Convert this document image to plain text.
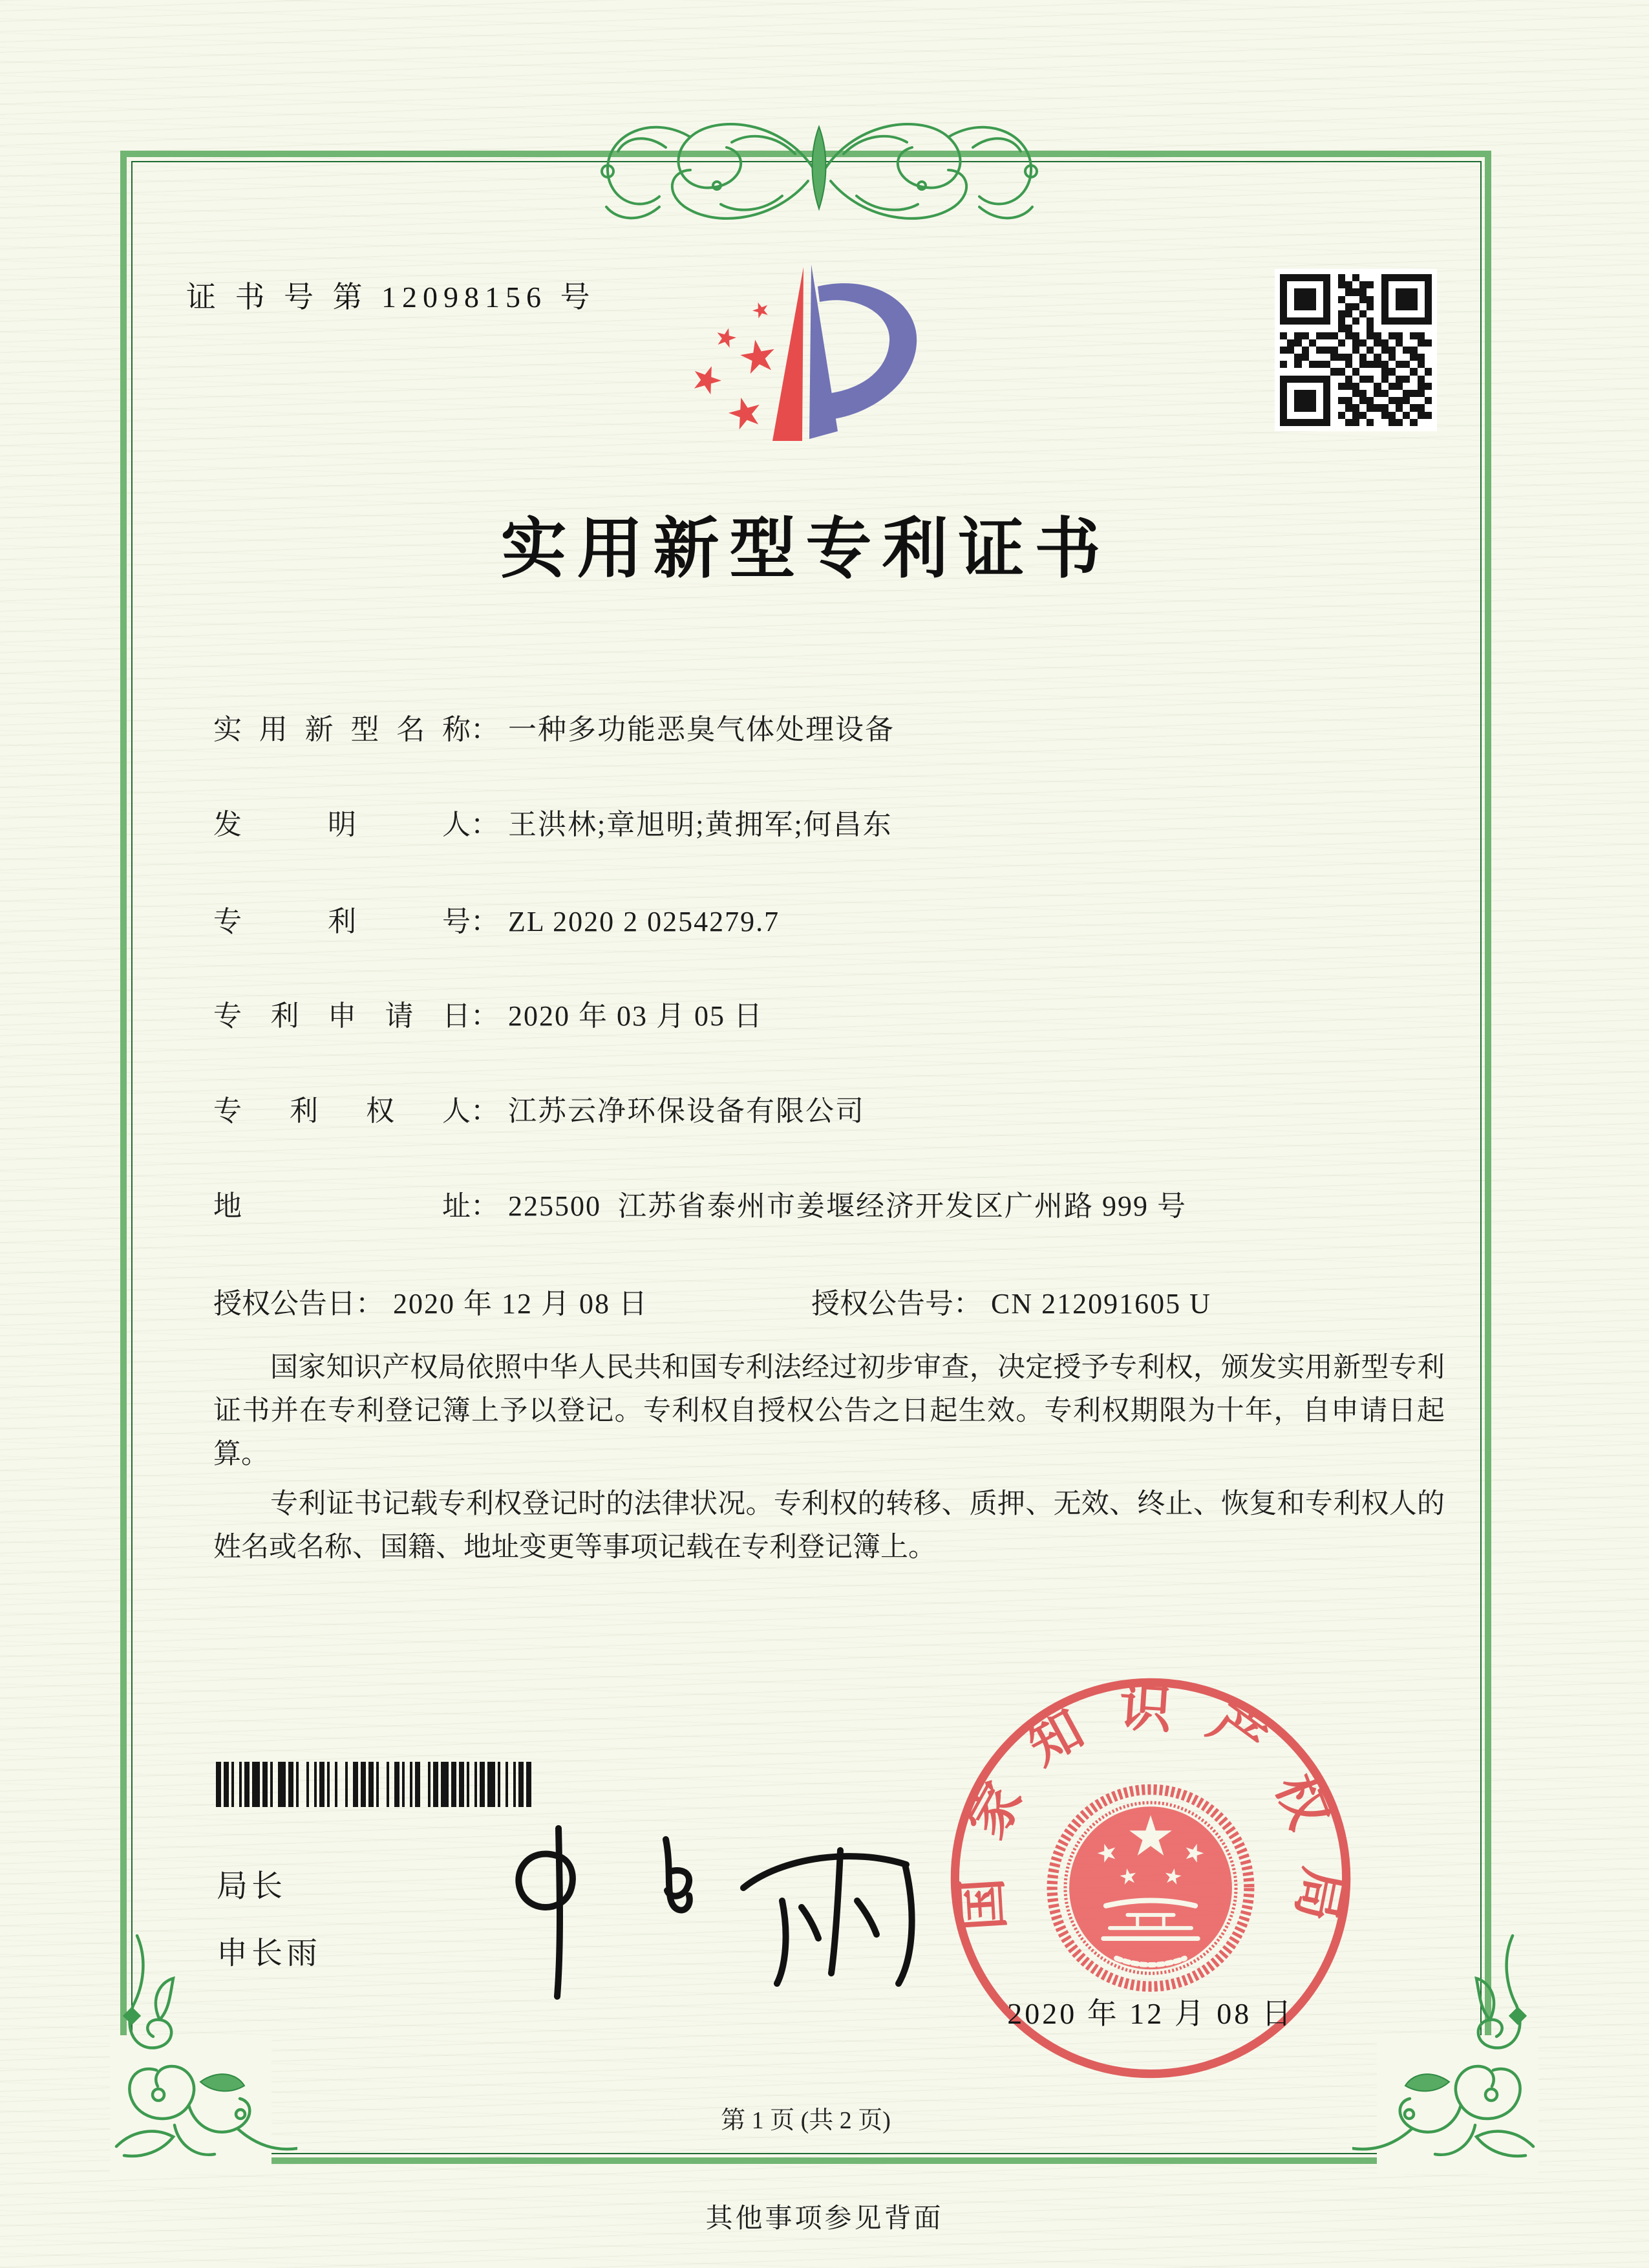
证 书 号 第 12098156 号
实用新型专利证书
实用新型名称： 一种多功能恶臭气体处理设备
发明人： 王洪林;章旭明;黄拥军;何昌东
专利号： ZL 2020 2 0254279.7
专利申请日： 2020 年 03 月 05 日
专利权人： 江苏云净环保设备有限公司
地址： 225500  江苏省泰州市姜堰经济开发区广州路 999 号
授权公告日： 2020 年 12 月 08 日	授权公告号： CN 212091605 U

国家知识产权局依照中华人民共和国专利法经过初步审查，决定授予专利权，颁发实用新型专利证书并在专利登记簿上予以登记。专利权自授权公告之日起生效。专利权期限为十年，自申请日起算。

专利证书记载专利权登记时的法律状况。专利权的转移、质押、无效、终止、恢复和专利权人的姓名或名称、国籍、地址变更等事项记载在专利登记簿上。

局长
申长雨
国家知识产权局
2020 年 12 月 08 日
第 1 页 (共 2 页)
其他事项参见背面
